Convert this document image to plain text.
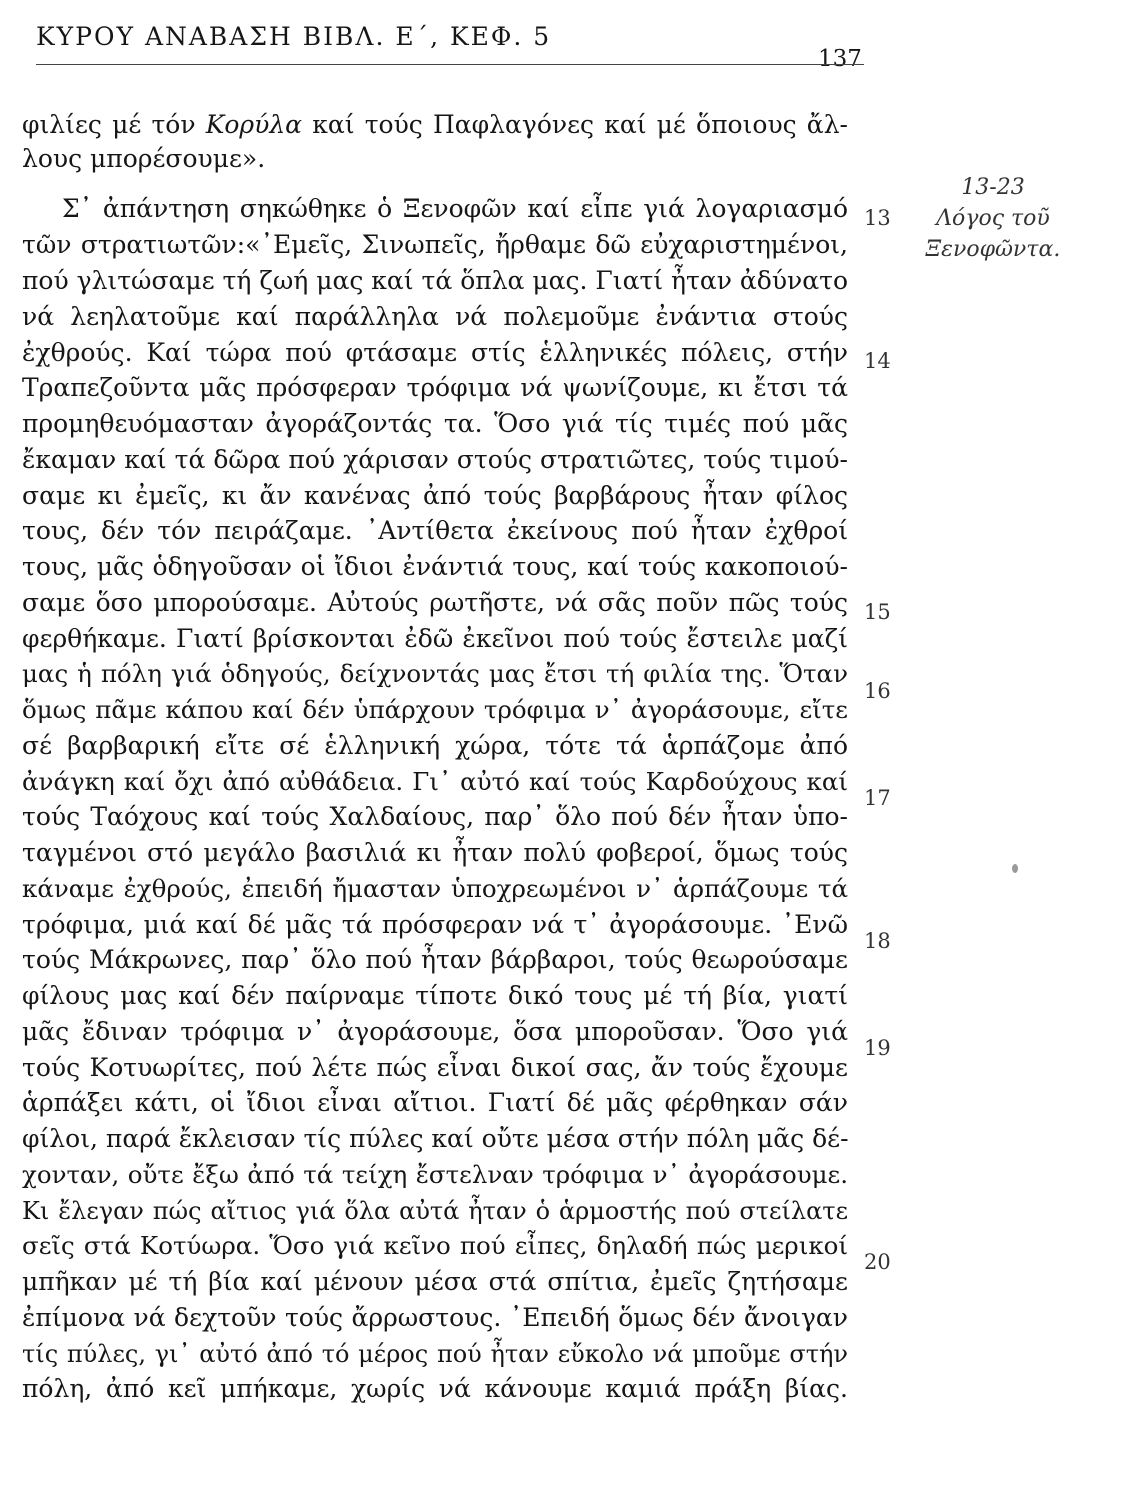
ΚΥΡΟΥ ΑΝΑΒΑΣΗ ΒΙΒΛ. Ε΄, ΚΕΦ. 5
137
13-23
Λόγος τοῦ
Ξενοφῶντα.
13
14
15
16
17
18
19
20
φιλίες μέ τόν Κορύλα καί τούς Παφλαγόνες καί μέ ὅποιους ἄλ-
λους μπορέσουμε».
Σ᾿ ἀπάντηση σηκώθηκε ὁ Ξενοφῶν καί εἶπε γιά λογαριασμό
τῶν στρατιωτῶν:«᾿Εμεῖς, Σινωπεῖς, ἤρθαμε δῶ εὐχαριστημένοι,
πού γλιτώσαμε τή ζωή μας καί τά ὅπλα μας. Γιατί ἦταν ἀδύνατο
νά λεηλατοῦμε καί παράλληλα νά πολεμοῦμε ἐνάντια στούς
ἐχθρούς. Καί τώρα πού φτάσαμε στίς ἑλληνικές πόλεις, στήν
Τραπεζοῦντα μᾶς πρόσφεραν τρόφιμα νά ψωνίζουμε, κι ἔτσι τά
προμηθευόμασταν ἀγοράζοντάς τα. Ὅσο γιά τίς τιμές πού μᾶς
ἔκαμαν καί τά δῶρα πού χάρισαν στούς στρατιῶτες, τούς τιμού-
σαμε κι ἐμεῖς, κι ἄν κανένας ἀπό τούς βαρβάρους ἦταν φίλος
τους, δέν τόν πειράζαμε. ᾿Αντίθετα ἐκείνους πού ἦταν ἐχθροί
τους, μᾶς ὁδηγοῦσαν οἱ ἴδιοι ἐνάντιά τους, καί τούς κακοποιού-
σαμε ὅσο μπορούσαμε. Αὐτούς ρωτῆστε, νά σᾶς ποῦν πῶς τούς
φερθήκαμε. Γιατί βρίσκονται ἐδῶ ἐκεῖνοι πού τούς ἔστειλε μαζί
μας ἡ πόλη γιά ὁδηγούς, δείχνοντάς μας ἔτσι τή φιλία της. Ὅταν
ὅμως πᾶμε κάπου καί δέν ὑπάρχουν τρόφιμα ν᾿ ἀγοράσουμε, εἴτε
σέ βαρβαρική εἴτε σέ ἑλληνική χώρα, τότε τά ἁρπάζομε ἀπό
ἀνάγκη καί ὄχι ἀπό αὐθάδεια. Γι᾿ αὐτό καί τούς Καρδούχους καί
τούς Ταόχους καί τούς Χαλδαίους, παρ᾿ ὅλο πού δέν ἦταν ὑπο-
ταγμένοι στό μεγάλο βασιλιά κι ἦταν πολύ φοβεροί, ὅμως τούς
κάναμε ἐχθρούς, ἐπειδή ἤμασταν ὑποχρεωμένοι ν᾿ ἁρπάζουμε τά
τρόφιμα, μιά καί δέ μᾶς τά πρόσφεραν νά τ᾿ ἀγοράσουμε. ᾿Ενῶ
τούς Μάκρωνες, παρ᾿ ὅλο πού ἦταν βάρβαροι, τούς θεωρούσαμε
φίλους μας καί δέν παίρναμε τίποτε δικό τους μέ τή βία, γιατί
μᾶς ἔδιναν τρόφιμα ν᾿ ἀγοράσουμε, ὅσα μποροῦσαν. Ὅσο γιά
τούς Κοτυωρίτες, πού λέτε πώς εἶναι δικοί σας, ἄν τούς ἔχουμε
ἁρπάξει κάτι, οἱ ἴδιοι εἶναι αἴτιοι. Γιατί δέ μᾶς φέρθηκαν σάν
φίλοι, παρά ἔκλεισαν τίς πύλες καί οὔτε μέσα στήν πόλη μᾶς δέ-
χονταν, οὔτε ἔξω ἀπό τά τείχη ἔστελναν τρόφιμα ν᾿ ἀγοράσουμε.
Κι ἔλεγαν πώς αἴτιος γιά ὅλα αὐτά ἦταν ὁ ἁρμοστής πού στείλατε
σεῖς στά Κοτύωρα. Ὅσο γιά κεῖνο πού εἶπες, δηλαδή πώς μερικοί
μπῆκαν μέ τή βία καί μένουν μέσα στά σπίτια, ἐμεῖς ζητήσαμε
ἐπίμονα νά δεχτοῦν τούς ἄρρωστους. ᾿Επειδή ὅμως δέν ἄνοιγαν
τίς πύλες, γι᾿ αὐτό ἀπό τό μέρος πού ἦταν εὔκολο νά μποῦμε στήν
πόλη, ἀπό κεῖ μπήκαμε, χωρίς νά κάνουμε καμιά πράξη βίας.
